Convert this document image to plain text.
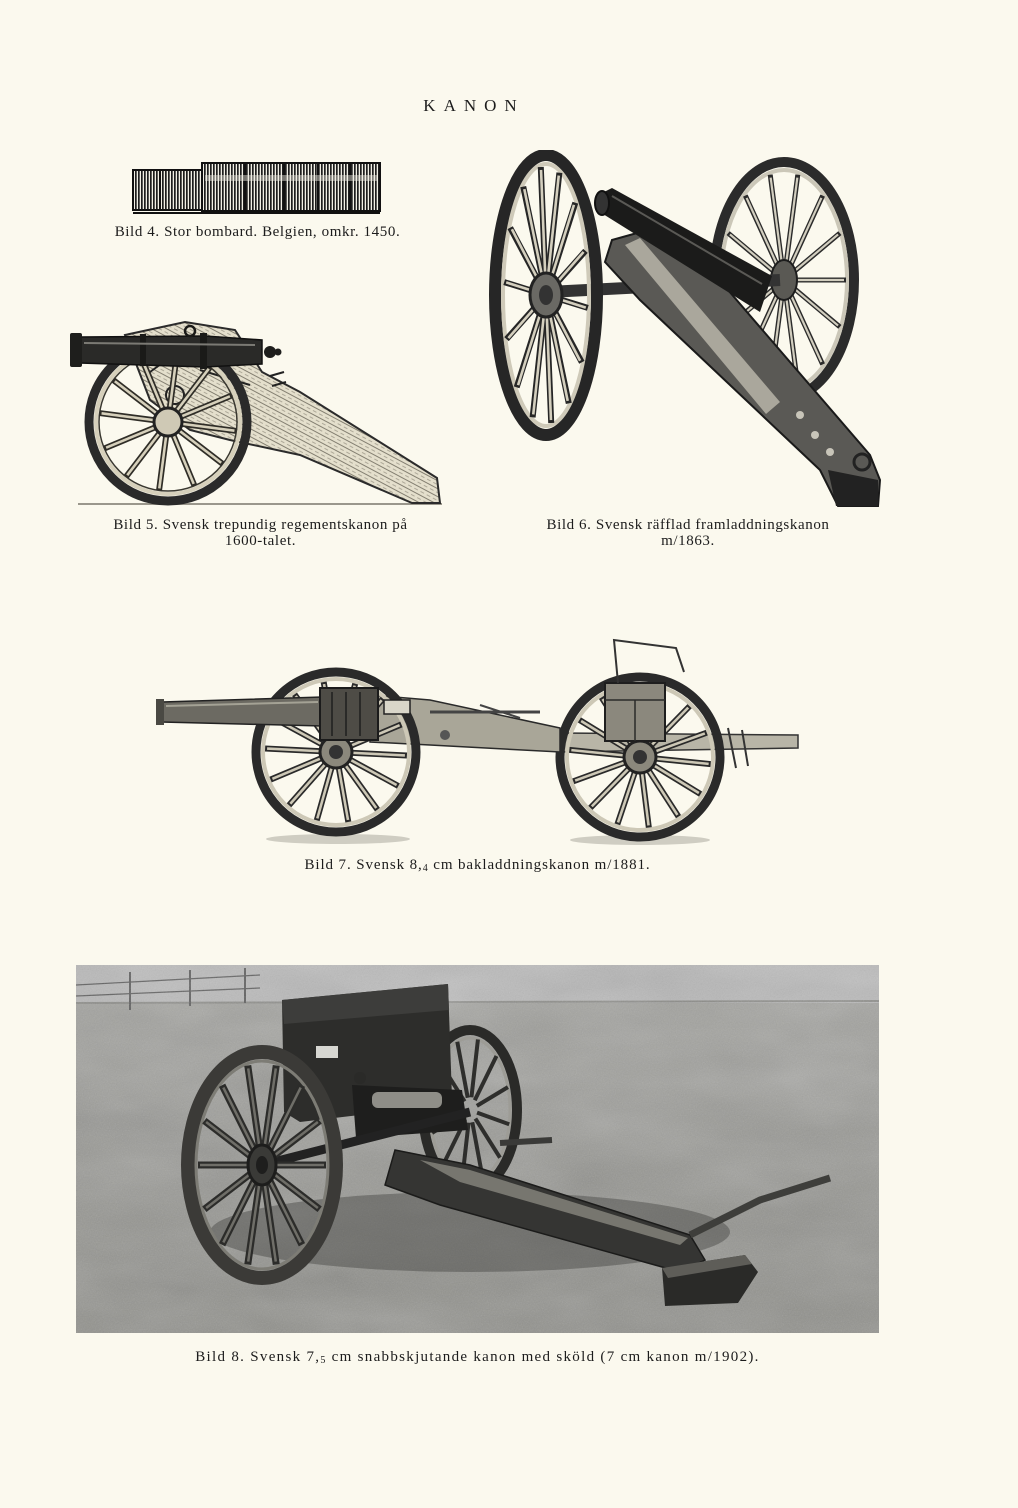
KANON
Bild 4. Stor bombard. Belgien, omkr. 1450.
Bild 5. Svensk trepundig regementskanon på
1600-talet.
Bild 6. Svensk räfflad framladdningskanon
m/1863.
Bild 7. Svensk $8,_4$ cm bakladdningskanon m/1881.
Bild 8. Svensk $7,_5$ cm snabbskjutande kanon med sköld (7 cm kanon m/1902).
